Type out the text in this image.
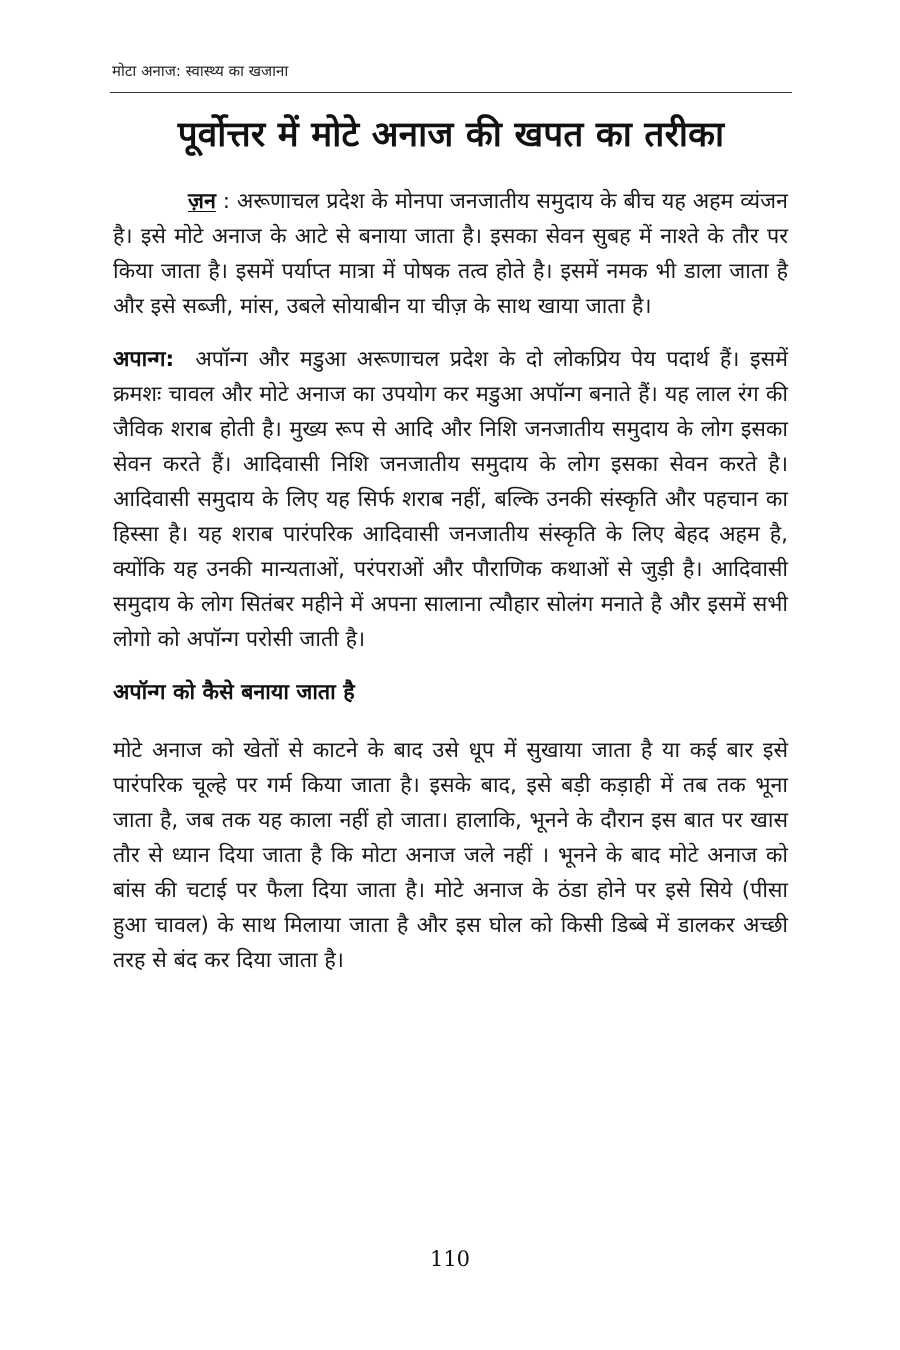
मोटा अनाज: स्वास्थ्य का खजाना
पूर्वोत्तर में मोटे अनाज की खपत का तरीका

ज़न : अरूणाचल प्रदेश के मोनपा जनजातीय समुदाय के बीच यह अहम व्यंजन है। इसे मोटे अनाज के आटे से बनाया जाता है। इसका सेवन सुबह में नाश्ते के तौर पर किया जाता है। इसमें पर्याप्त मात्रा में पोषक तत्व होते है। इसमें नमक भी डाला जाता है और इसे सब्जी, मांस, उबले सोयाबीन या चीज़ के साथ खाया जाता है।

अपान्ग: अपॉन्ग और मडुआ अरूणाचल प्रदेश के दो लोकप्रिय पेय पदार्थ हैं। इसमें क्रमशः चावल और मोटे अनाज का उपयोग कर मडुआ अपॉन्ग बनाते हैं। यह लाल रंग की जैविक शराब होती है। मुख्य रूप से आदि और निशि जनजातीय समुदाय के लोग इसका सेवन करते हैं। आदिवासी निशि जनजातीय समुदाय के लोग इसका सेवन करते है। आदिवासी समुदाय के लिए यह सिर्फ शराब नहीं, बल्कि उनकी संस्कृति और पहचान का हिस्सा है। यह शराब पारंपरिक आदिवासी जनजातीय संस्कृति के लिए बेहद अहम है, क्योंकि यह उनकी मान्यताओं, परंपराओं और पौराणिक कथाओं से जुड़ी है। आदिवासी समुदाय के लोग सितंबर महीने में अपना सालाना त्यौहार सोलंग मनाते है और इसमें सभी लोगो को अपॉन्ग परोसी जाती है।

अपॉन्ग को कैसे बनाया जाता है

मोटे अनाज को खेतों से काटने के बाद उसे धूप में सुखाया जाता है या कई बार इसे पारंपरिक चूल्हे पर गर्म किया जाता है। इसके बाद, इसे बड़ी कड़ाही में तब तक भूना जाता है, जब तक यह काला नहीं हो जाता। हालाकि, भूनने के दौरान इस बात पर खास तौर से ध्यान दिया जाता है कि मोटा अनाज जले नहीं । भूनने के बाद मोटे अनाज को बांस की चटाई पर फैला दिया जाता है। मोटे अनाज के ठंडा होने पर इसे सिये (पीसा हुआ चावल) के साथ मिलाया जाता है और इस घोल को किसी डिब्बे में डालकर अच्छी तरह से बंद कर दिया जाता है।

110
